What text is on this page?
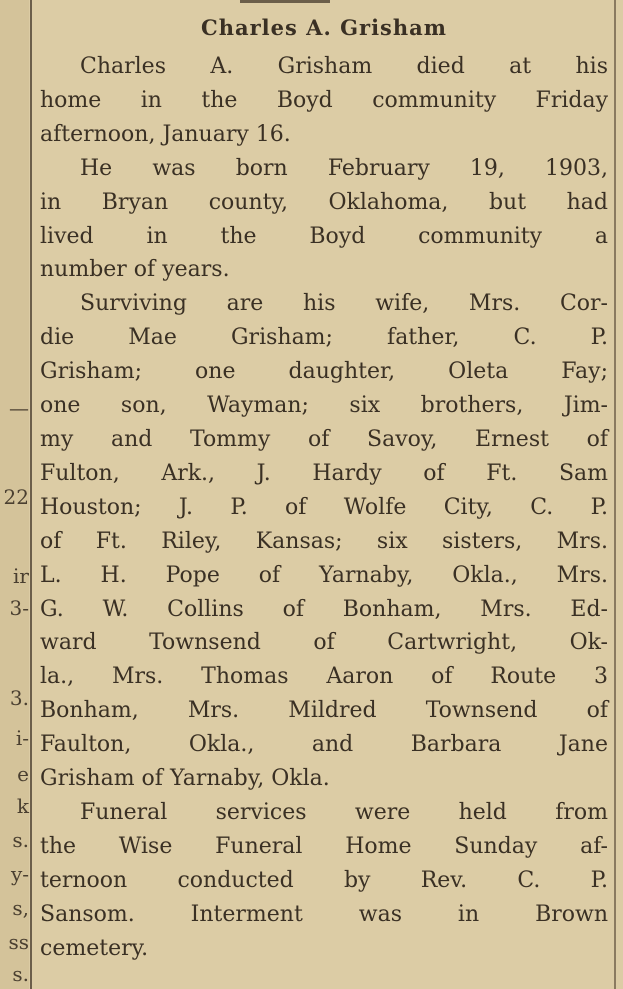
—
22
ir
3-
3.
i-
e
k
s.
y-
s,
ss
s.
Charles A. Grisham
Charles A. Grisham died at his
home in the Boyd community Friday
afternoon, January 16.
He was born February 19, 1903,
in Bryan county, Oklahoma, but had
lived in the Boyd community a
number of years.
Surviving are his wife, Mrs. Cor-
die Mae Grisham; father, C. P.
Grisham; one daughter, Oleta Fay;
one son, Wayman; six brothers, Jim-
my and Tommy of Savoy, Ernest of
Fulton, Ark., J. Hardy of Ft. Sam
Houston; J. P. of Wolfe City, C. P.
of Ft. Riley, Kansas; six sisters, Mrs.
L. H. Pope of Yarnaby, Okla., Mrs.
G. W. Collins of Bonham, Mrs. Ed-
ward Townsend of Cartwright, Ok-
la., Mrs. Thomas Aaron of Route 3
Bonham, Mrs. Mildred Townsend of
Faulton, Okla., and Barbara Jane
Grisham of Yarnaby, Okla.
Funeral services were held from
the Wise Funeral Home Sunday af-
ternoon conducted by Rev. C. P.
Sansom. Interment was in Brown
cemetery.
